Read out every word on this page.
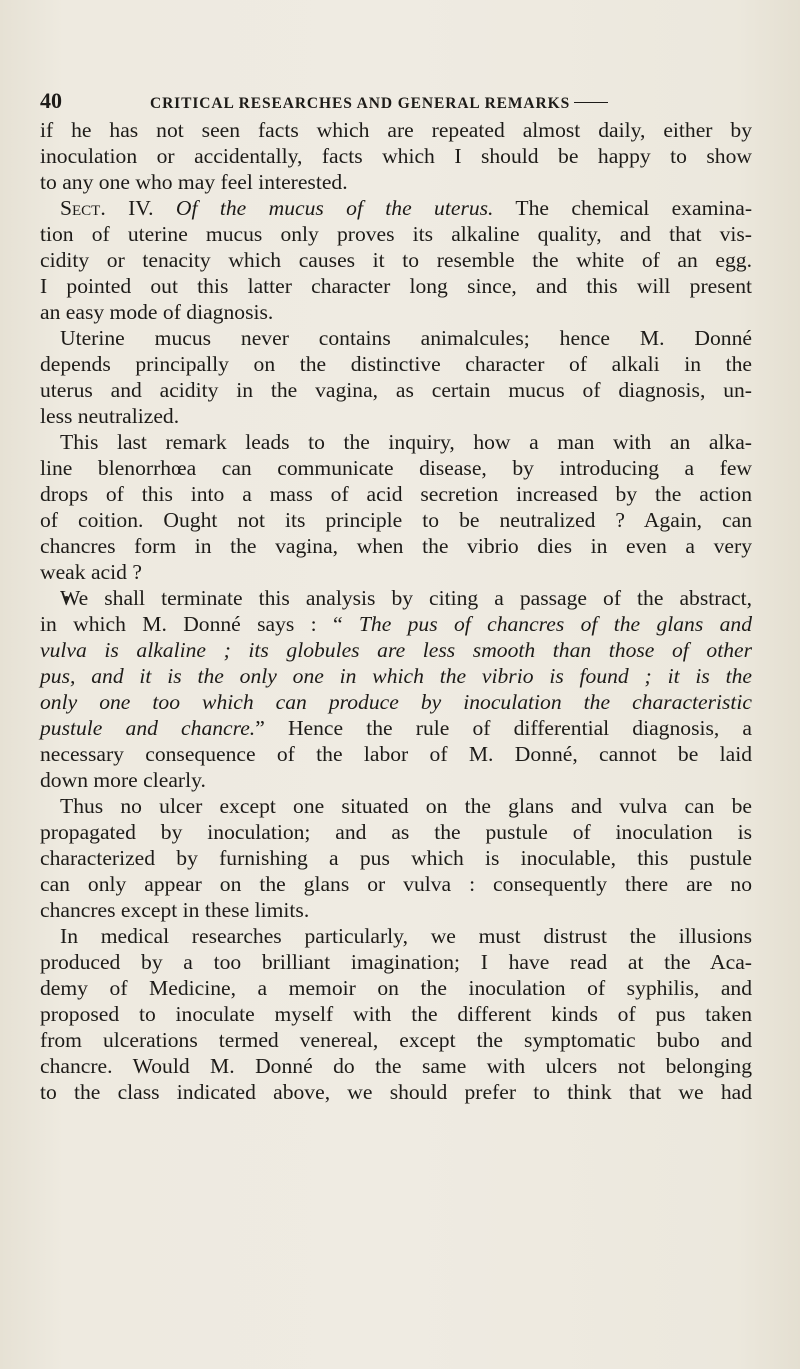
40	CRITICAL RESEARCHES AND GENERAL REMARKS
if he has not seen facts which are repeated almost daily, either by
inoculation or accidentally, facts which I should be happy to show
to any one who may feel interested.
Sect. IV. Of the mucus of the uterus. The chemical examina-
tion of uterine mucus only proves its alkaline quality, and that vis-
cidity or tenacity which causes it to resemble the white of an egg.
I pointed out this latter character long since, and this will present
an easy mode of diagnosis.
Uterine mucus never contains animalcules; hence M. Donné
depends principally on the distinctive character of alkali in the
uterus and acidity in the vagina, as certain mucus of diagnosis, un-
less neutralized.
This last remark leads to the inquiry, how a man with an alka-
line blenorrhœa can communicate disease, by introducing a few
drops of this into a mass of acid secretion increased by the action
of coition. Ought not its principle to be neutralized ? Again, can
chancres form in the vagina, when the vibrio dies in even a very
weak acid ?
We shall terminate this analysis by citing a passage of the abstract,
in which M. Donné says : “ The pus of chancres of the glans and
vulva is alkaline ; its globules are less smooth than those of other
pus, and it is the only one in which the vibrio is found ; it is the
only one too which can produce by inoculation the characteristic
pustule and chancre.” Hence the rule of differential diagnosis, a
necessary consequence of the labor of M. Donné, cannot be laid
down more clearly.
Thus no ulcer except one situated on the glans and vulva can be
propagated by inoculation; and as the pustule of inoculation is
characterized by furnishing a pus which is inoculable, this pustule
can only appear on the glans or vulva : consequently there are no
chancres except in these limits.
In medical researches particularly, we must distrust the illusions
produced by a too brilliant imagination; I have read at the Aca-
demy of Medicine, a memoir on the inoculation of syphilis, and
proposed to inoculate myself with the different kinds of pus taken
from ulcerations termed venereal, except the symptomatic bubo and
chancre. Would M. Donné do the same with ulcers not belonging
to the class indicated above, we should prefer to think that we had
